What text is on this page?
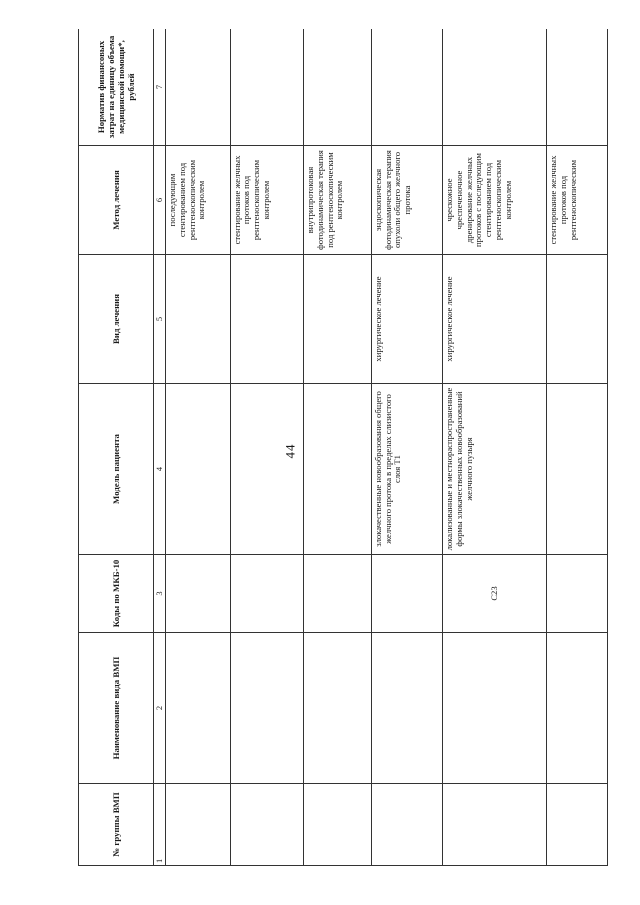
44
№ группы ВМП	Наименование вида ВМП	Коды по МКБ-10	Модель пациента	Вид лечения	Метод лечения	Норматив финансовых затрат на единицу объема медицинской помощи*, рублей
1	2	3	4	5	6	7
					последующим стентированием под рентгеноскопическим контролем	
					стентирование желчных протоков под рентгеноскопическим контролем	
					внутрипротоковая фотодинамическая терапия под рентгеноскопическим контролем	
			злокачественные новообразования общего желчного протока в пределах слизистого слоя T1	хирургическое лечение	эндоскопическая фотодинамическая терапия опухоли общего желчного протока	
		C23	локализованные и местнораспространенные формы злокачественных новообразований желчного пузыря	хирургическое лечение	чрескожное чреспеченочное дренирование желчных протоков с последующим стентированием под рентгеноскопическим контролем	
					стентирование желчных протоков под рентгеноскопическим	
